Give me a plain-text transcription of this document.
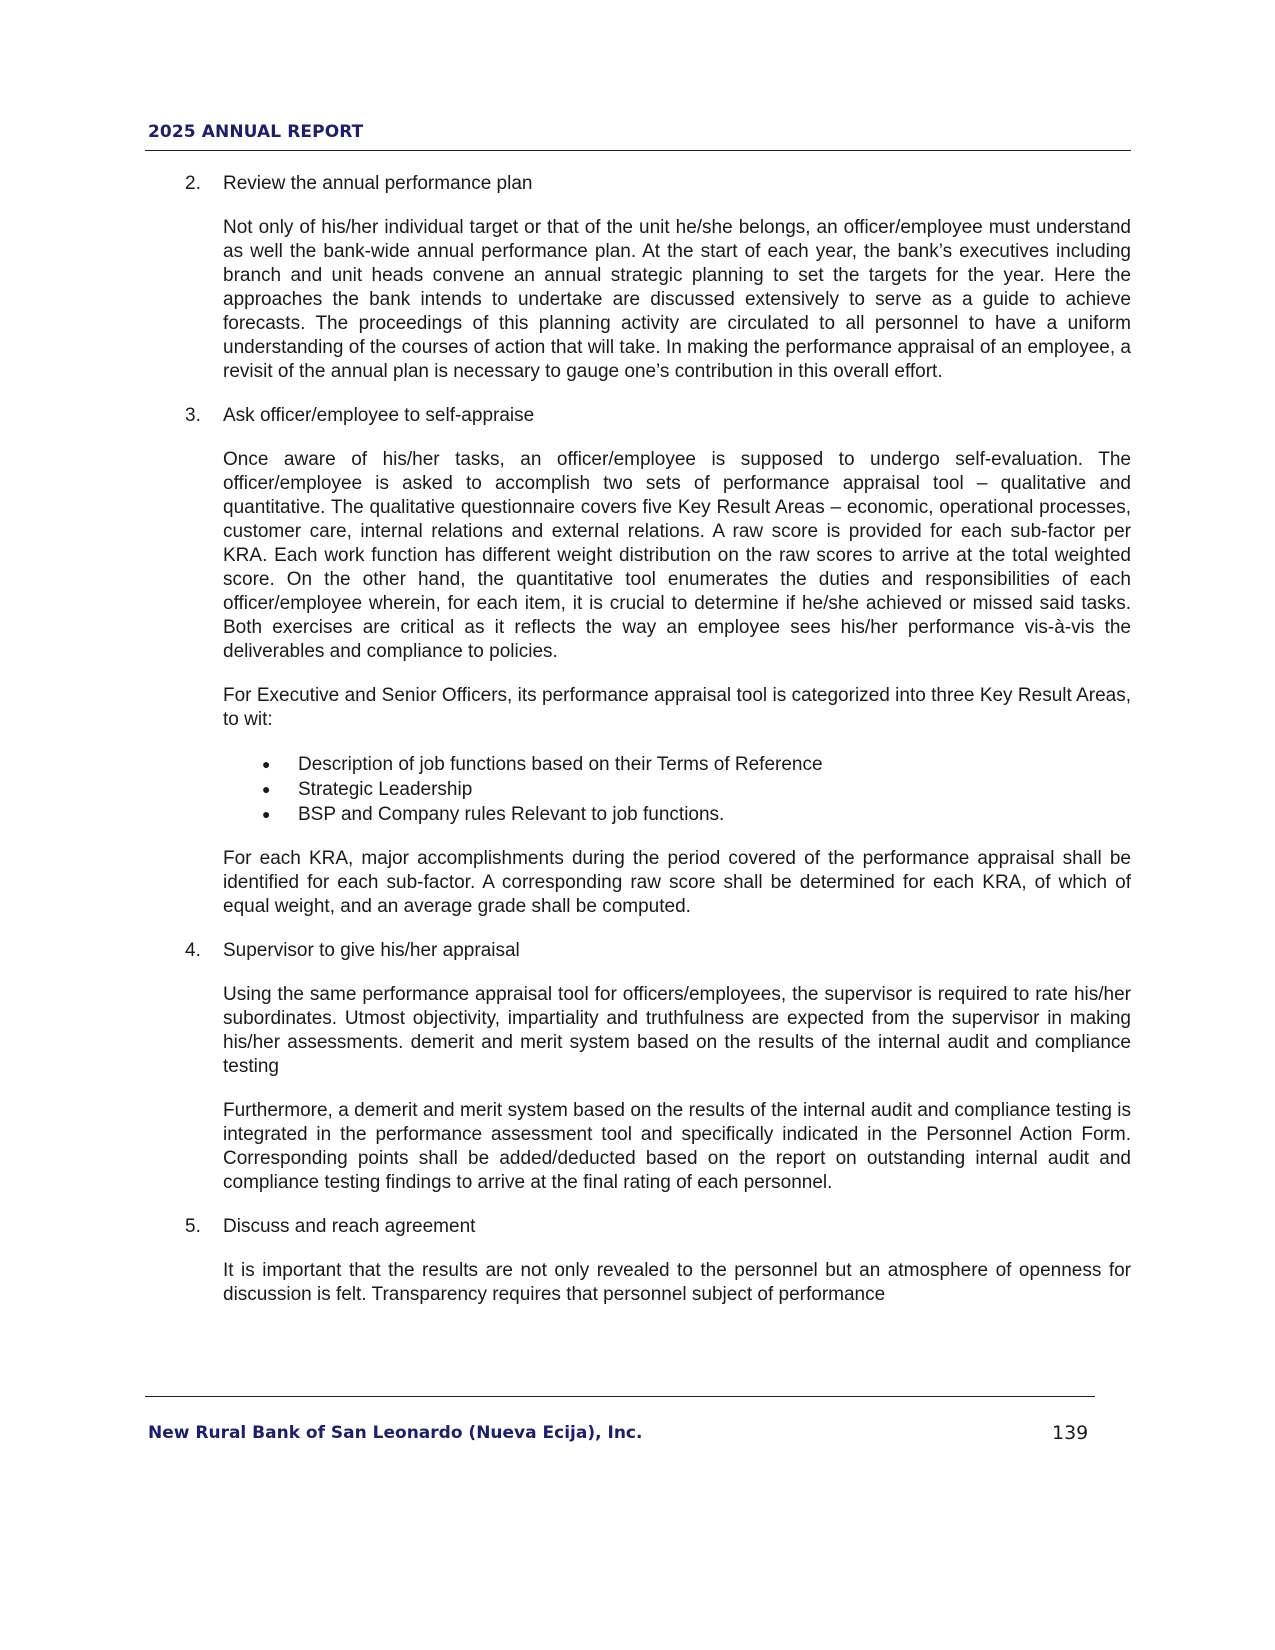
2025 ANNUAL REPORT
2. Review the annual performance plan

Not only of his/her individual target or that of the unit he/she belongs, an officer/employee must understand as well the bank-wide annual performance plan. At the start of each year, the bank’s executives including branch and unit heads convene an annual strategic planning to set the targets for the year. Here the approaches the bank intends to undertake are discussed extensively to serve as a guide to achieve forecasts. The proceedings of this planning activity are circulated to all personnel to have a uniform understanding of the courses of action that will take. In making the performance appraisal of an employee, a revisit of the annual plan is necessary to gauge one’s contribution in this overall effort.

3. Ask officer/employee to self-appraise

Once aware of his/her tasks, an officer/employee is supposed to undergo self-evaluation. The officer/employee is asked to accomplish two sets of performance appraisal tool – qualitative and quantitative. The qualitative questionnaire covers five Key Result Areas – economic, operational processes, customer care, internal relations and external relations. A raw score is provided for each sub-factor per KRA. Each work function has different weight distribution on the raw scores to arrive at the total weighted score. On the other hand, the quantitative tool enumerates the duties and responsibilities of each officer/employee wherein, for each item, it is crucial to determine if he/she achieved or missed said tasks. Both exercises are critical as it reflects the way an employee sees his/her performance vis-à-vis the deliverables and compliance to policies.

For Executive and Senior Officers, its performance appraisal tool is categorized into three Key Result Areas, to wit:

● Description of job functions based on their Terms of Reference
● Strategic Leadership
● BSP and Company rules Relevant to job functions.

For each KRA, major accomplishments during the period covered of the performance appraisal shall be identified for each sub-factor. A corresponding raw score shall be determined for each KRA, of which of equal weight, and an average grade shall be computed.

4. Supervisor to give his/her appraisal

Using the same performance appraisal tool for officers/employees, the supervisor is required to rate his/her subordinates. Utmost objectivity, impartiality and truthfulness are expected from the supervisor in making his/her assessments. demerit and merit system based on the results of the internal audit and compliance testing

Furthermore, a demerit and merit system based on the results of the internal audit and compliance testing is integrated in the performance assessment tool and specifically indicated in the Personnel Action Form. Corresponding points shall be added/deducted based on the report on outstanding internal audit and compliance testing findings to arrive at the final rating of each personnel.

5. Discuss and reach agreement

It is important that the results are not only revealed to the personnel but an atmosphere of openness for discussion is felt. Transparency requires that personnel subject of performance

New Rural Bank of San Leonardo (Nueva Ecija), Inc.	139
